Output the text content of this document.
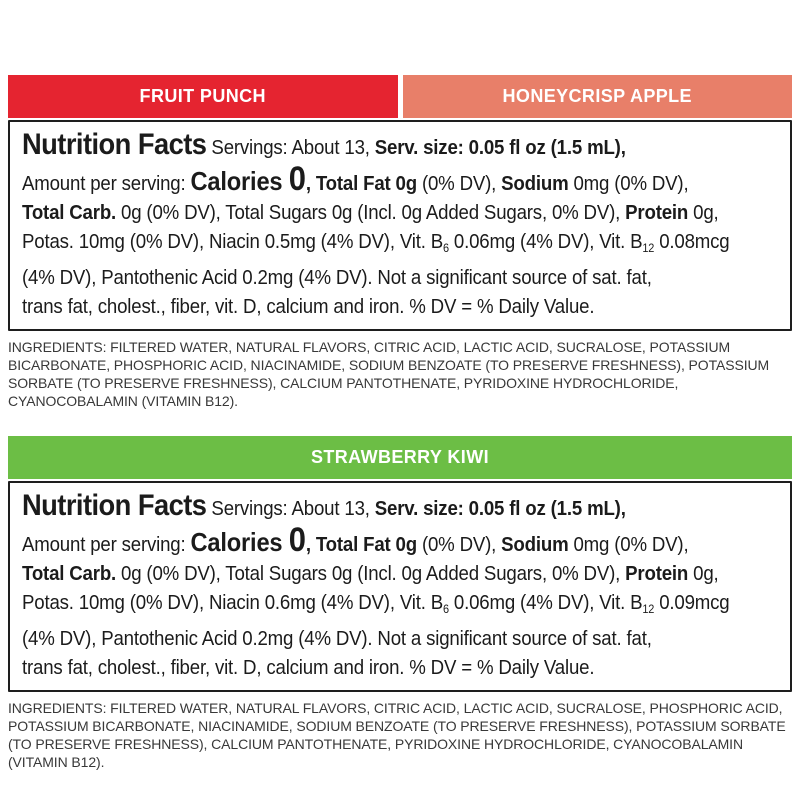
FRUIT PUNCH	HONEYCRISP APPLE
Nutrition Facts Servings: About 13, Serv. size: 0.05 fl oz (1.5 mL),
Amount per serving: Calories 0, Total Fat 0g (0% DV), Sodium 0mg (0% DV),
Total Carb. 0g (0% DV), Total Sugars 0g (Incl. 0g Added Sugars, 0% DV), Protein 0g,
Potas. 10mg (0% DV), Niacin 0.5mg (4% DV), Vit. B6 0.06mg (4% DV), Vit. B12 0.08mcg
(4% DV), Pantothenic Acid 0.2mg (4% DV). Not a significant source of sat. fat,
trans fat, cholest., fiber, vit. D, calcium and iron. % DV = % Daily Value.

INGREDIENTS: FILTERED WATER, NATURAL FLAVORS, CITRIC ACID, LACTIC ACID, SUCRALOSE, POTASSIUM BICARBONATE, PHOSPHORIC ACID, NIACINAMIDE, SODIUM BENZOATE (TO PRESERVE FRESHNESS), POTASSIUM SORBATE (TO PRESERVE FRESHNESS), CALCIUM PANTOTHENATE, PYRIDOXINE HYDROCHLORIDE, CYANOCOBALAMIN (VITAMIN B12).

STRAWBERRY KIWI
Nutrition Facts Servings: About 13, Serv. size: 0.05 fl oz (1.5 mL),
Amount per serving: Calories 0, Total Fat 0g (0% DV), Sodium 0mg (0% DV),
Total Carb. 0g (0% DV), Total Sugars 0g (Incl. 0g Added Sugars, 0% DV), Protein 0g,
Potas. 10mg (0% DV), Niacin 0.6mg (4% DV), Vit. B6 0.06mg (4% DV), Vit. B12 0.09mcg
(4% DV), Pantothenic Acid 0.2mg (4% DV). Not a significant source of sat. fat,
trans fat, cholest., fiber, vit. D, calcium and iron. % DV = % Daily Value.

INGREDIENTS: FILTERED WATER, NATURAL FLAVORS, CITRIC ACID, LACTIC ACID, SUCRALOSE, PHOSPHORIC ACID, POTASSIUM BICARBONATE, NIACINAMIDE, SODIUM BENZOATE (TO PRESERVE FRESHNESS), POTASSIUM SORBATE (TO PRESERVE FRESHNESS), CALCIUM PANTOTHENATE, PYRIDOXINE HYDROCHLORIDE, CYANOCOBALAMIN (VITAMIN B12).
